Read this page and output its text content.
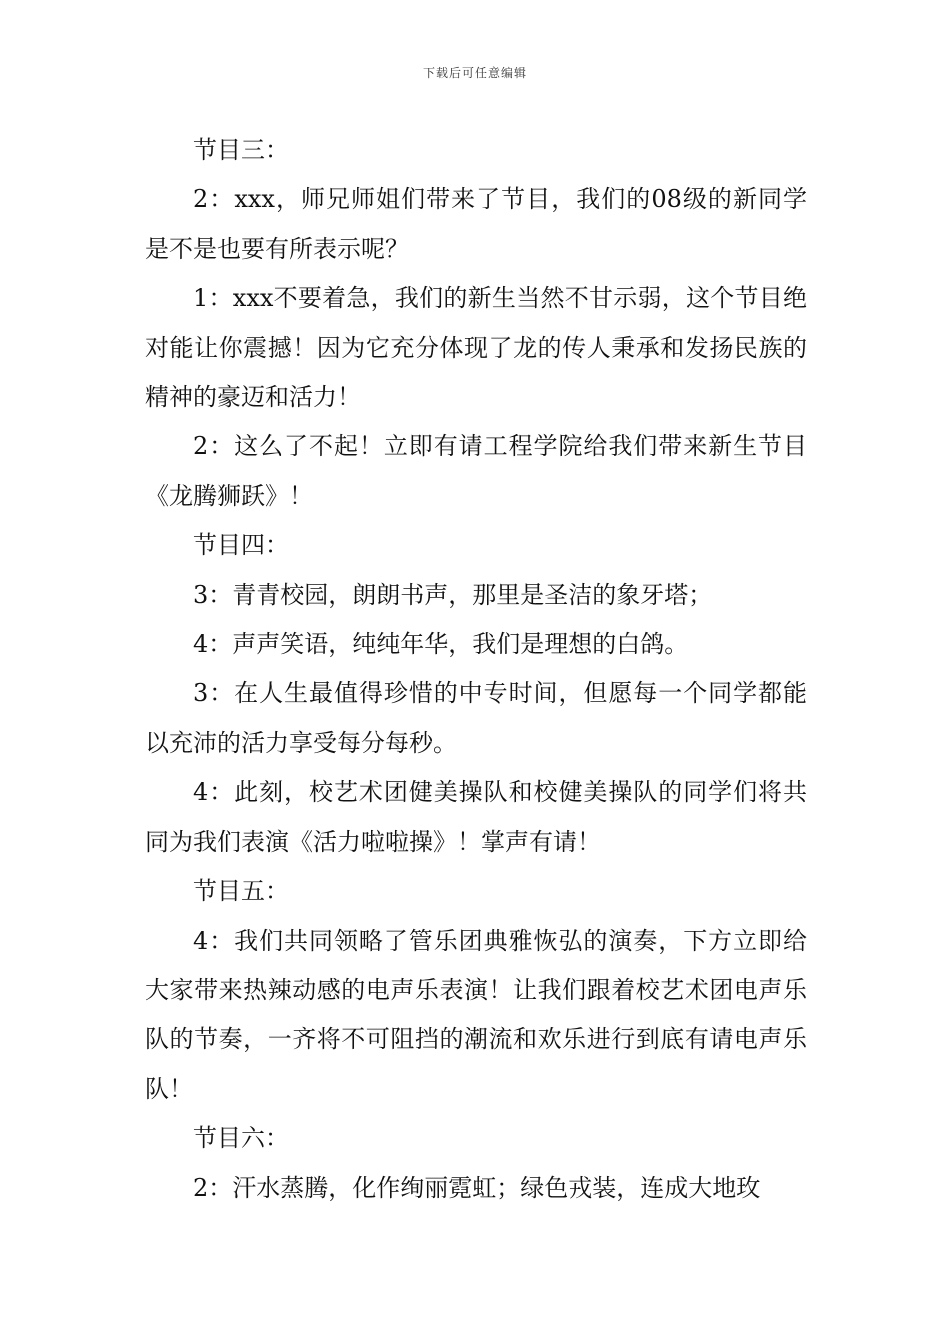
下载后可任意编辑

节目三：

2：xxx，师兄师姐们带来了节目，我们的08级的新同学是不是也要有所表示呢？

1：xxx不要着急，我们的新生当然不甘示弱，这个节目绝对能让你震撼！因为它充分体现了龙的传人秉承和发扬民族的精神的豪迈和活力！

2：这么了不起！立即有请工程学院给我们带来新生节目《龙腾狮跃》！

节目四：

3：青青校园，朗朗书声，那里是圣洁的象牙塔；

4：声声笑语，纯纯年华，我们是理想的白鸽。

3：在人生最值得珍惜的中专时间，但愿每一个同学都能以充沛的活力享受每分每秒。

4：此刻，校艺术团健美操队和校健美操队的同学们将共同为我们表演《活力啦啦操》！掌声有请！

节目五：

4：我们共同领略了管乐团典雅恢弘的演奏，下方立即给大家带来热辣动感的电声乐表演！让我们跟着校艺术团电声乐队的节奏，一齐将不可阻挡的潮流和欢乐进行到底有请电声乐队！

节目六：

2：汗水蒸腾，化作绚丽霓虹；绿色戎装，连成大地玫
